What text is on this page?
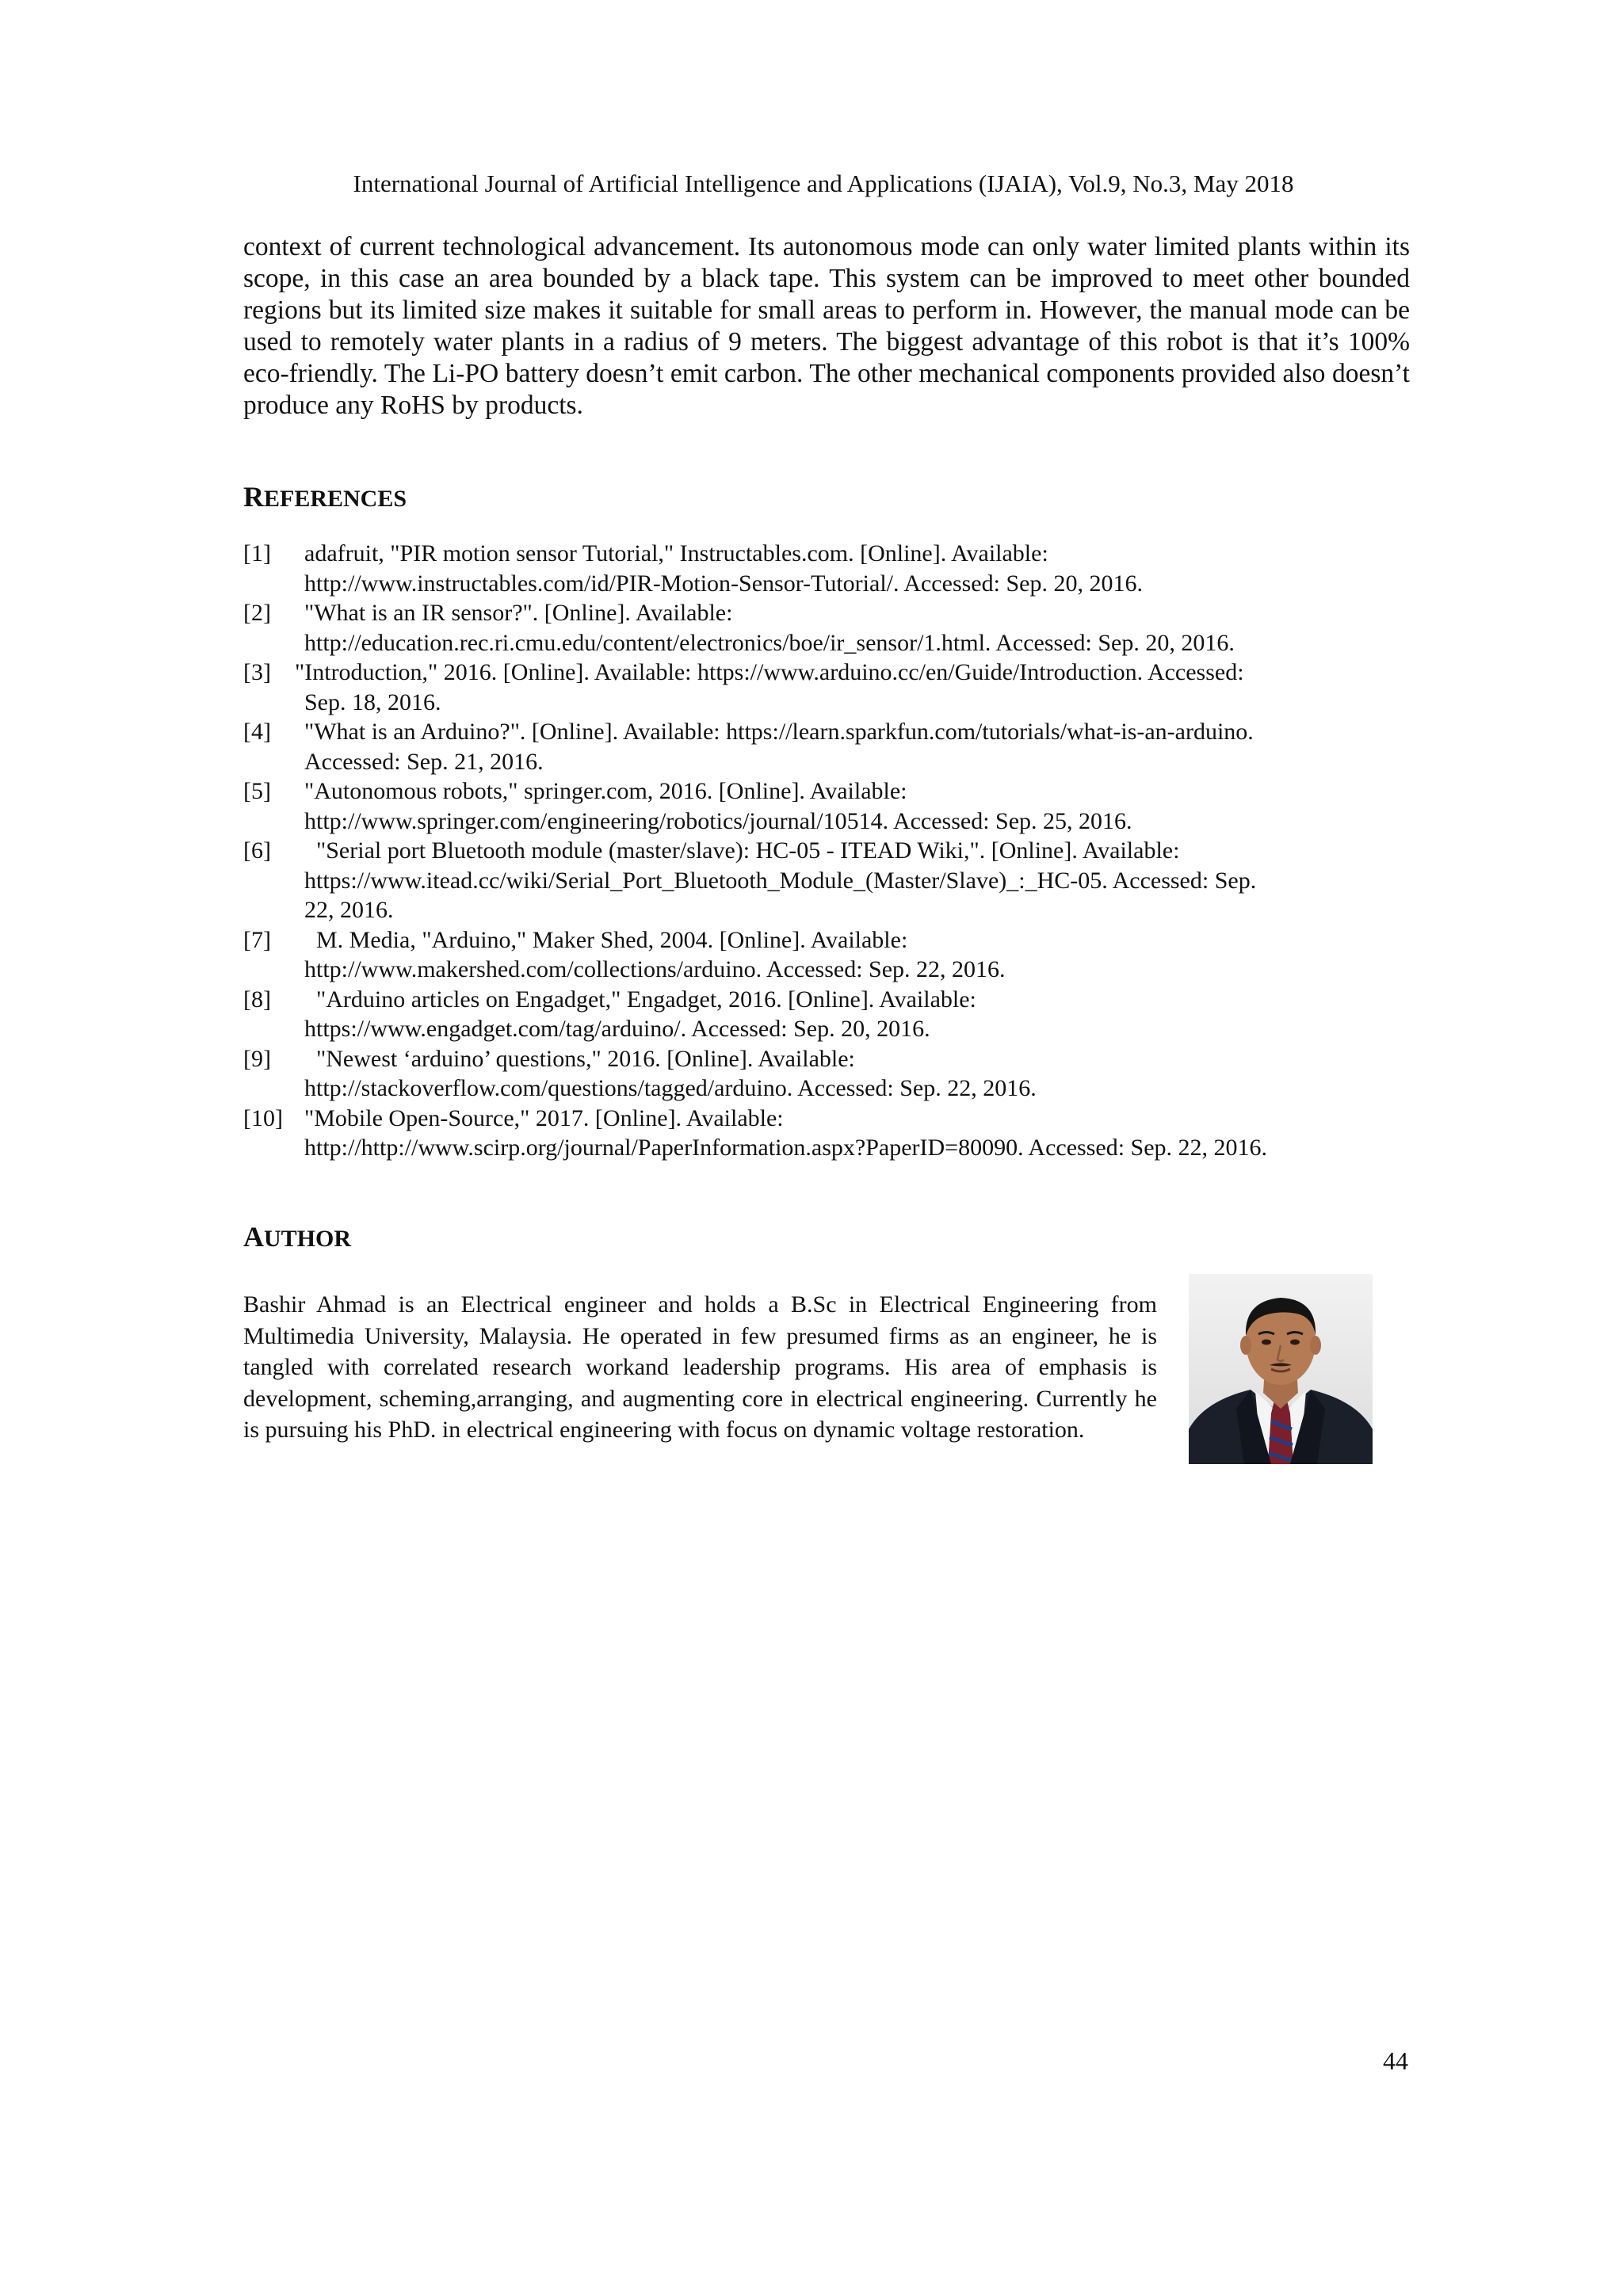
International Journal of Artificial Intelligence and Applications (IJAIA), Vol.9, No.3, May 2018

context of current technological advancement. Its autonomous mode can only water limited plants within its scope, in this case an area bounded by a black tape. This system can be improved to meet other bounded regions but its limited size makes it suitable for small areas to perform in. However, the manual mode can be used to remotely water plants in a radius of 9 meters. The biggest advantage of this robot is that it’s 100% eco-friendly. The Li-PO battery doesn’t emit carbon. The other mechanical components provided also doesn’t produce any RoHS by products.

REFERENCES
[1] adafruit, "PIR motion sensor Tutorial," Instructables.com. [Online]. Available:
http://www.instructables.com/id/PIR-Motion-Sensor-Tutorial/. Accessed: Sep. 20, 2016.
[2] "What is an IR sensor?". [Online]. Available:
http://education.rec.ri.cmu.edu/content/electronics/boe/ir_sensor/1.html. Accessed: Sep. 20, 2016.
[3] "Introduction," 2016. [Online]. Available: https://www.arduino.cc/en/Guide/Introduction. Accessed:
Sep. 18, 2016.
[4] "What is an Arduino?". [Online]. Available: https://learn.sparkfun.com/tutorials/what-is-an-arduino.
Accessed: Sep. 21, 2016.
[5] "Autonomous robots," springer.com, 2016. [Online]. Available:
http://www.springer.com/engineering/robotics/journal/10514. Accessed: Sep. 25, 2016.
[6] "Serial port Bluetooth module (master/slave): HC-05 - ITEAD Wiki,". [Online]. Available:
https://www.itead.cc/wiki/Serial_Port_Bluetooth_Module_(Master/Slave)_:_HC-05. Accessed: Sep.
22, 2016.
[7] M. Media, "Arduino," Maker Shed, 2004. [Online]. Available:
http://www.makershed.com/collections/arduino. Accessed: Sep. 22, 2016.
[8] "Arduino articles on Engadget," Engadget, 2016. [Online]. Available:
https://www.engadget.com/tag/arduino/. Accessed: Sep. 20, 2016.
[9] "Newest ‘arduino’ questions," 2016. [Online]. Available:
http://stackoverflow.com/questions/tagged/arduino. Accessed: Sep. 22, 2016.
[10] "Mobile Open-Source," 2017. [Online]. Available:
http://http://www.scirp.org/journal/PaperInformation.aspx?PaperID=80090. Accessed: Sep. 22, 2016.
AUTHOR

Bashir Ahmad is an Electrical engineer and holds a B.Sc in Electrical Engineering from Multimedia University, Malaysia. He operated in few presumed firms as an engineer, he is tangled with correlated research workand leadership programs. His area of emphasis is development, scheming,arranging, and augmenting core in electrical engineering. Currently he is pursuing his PhD. in electrical engineering with focus on dynamic voltage restoration.

44
